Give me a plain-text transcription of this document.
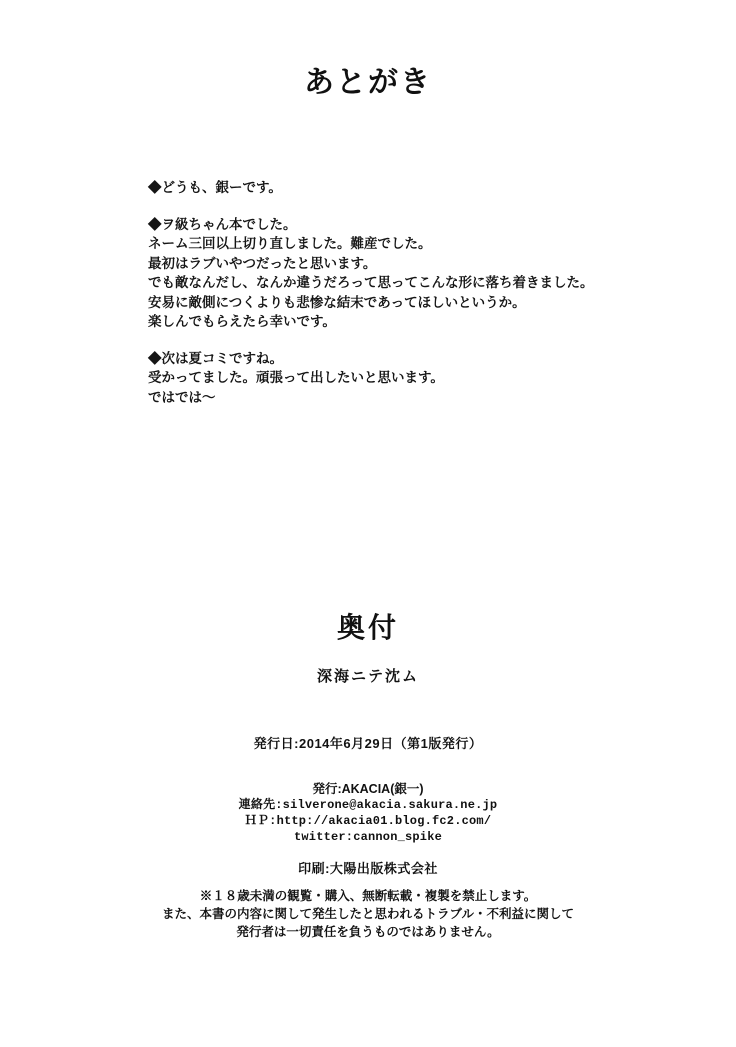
あとがき
◆どうも、銀ーです。
◆ヲ級ちゃん本でした。
ネーム三回以上切り直しました。難産でした。
最初はラブいやつだったと思います。
でも敵なんだし、なんか違うだろって思ってこんな形に落ち着きました。
安易に敵側につくよりも悲惨な結末であってほしいというか。
楽しんでもらえたら幸いです。
◆次は夏コミですね。
受かってました。頑張って出したいと思います。
ではでは～
奥付
深海ニテ沈ム
発行日:2014年6月29日（第1版発行）
発行:AKACIA(銀一)
連絡先:silverone@akacia.sakura.ne.jp
ＨＰ:http://akacia01.blog.fc2.com/
twitter:cannon_spike
印刷:大陽出版株式会社
※１８歳未満の観覧・購入、無断転載・複製を禁止します。
また、本書の内容に関して発生したと思われるトラブル・不利益に関して
発行者は一切責任を負うものではありません。
